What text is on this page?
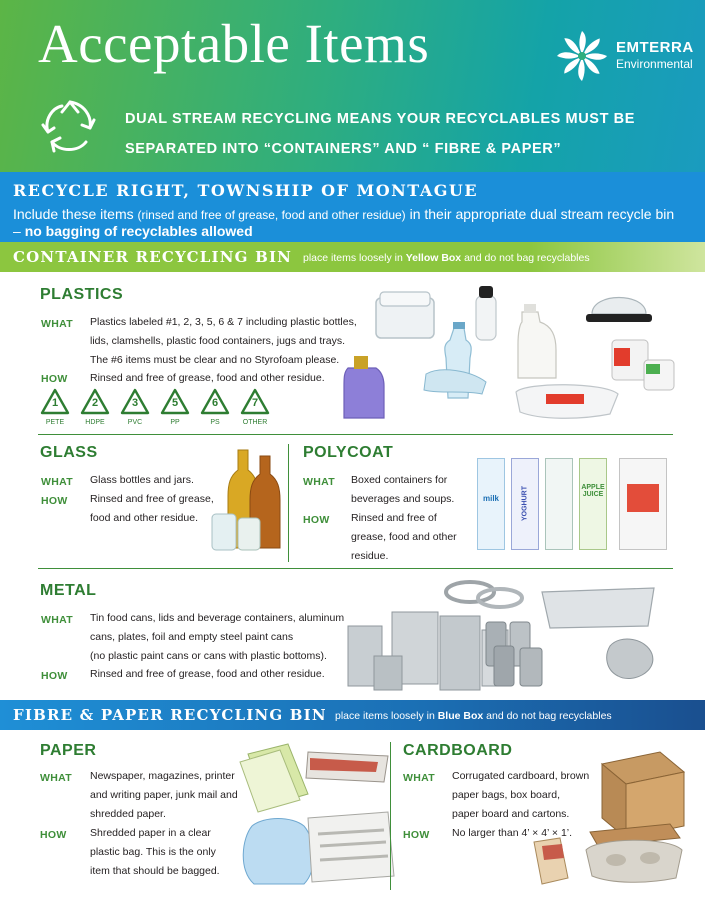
Acceptable Items	EMTERRA
Environmental
DUAL STREAM RECYCLING MEANS YOUR RECYCLABLES MUST BE
SEPARATED INTO “CONTAINERS” AND “ FIBRE & PAPER”
RECYCLE RIGHT, TOWNSHIP OF MONTAGUE
Include these items (rinsed and free of grease, food and other residue) in their appropriate dual stream recycle bin – no bagging of recyclables allowed
CONTAINER RECYCLING BIN place items loosely in Yellow Box and do not bag recyclables
PLASTICS
WHAT Plastics labeled #1, 2, 3, 5, 6 & 7 including plastic bottles,
lids, clamshells, plastic food containers, jugs and trays.
The #6 items must be clear and no Styrofoam please.
HOW Rinsed and free of grease, food and other residue.
1
PETE
2
HDPE
3
PVC
5
PP
6
PS
7
OTHER
GLASS
WHAT Glass bottles and jars.
HOW Rinsed and free of grease,
food and other residue.
POLYCOAT
WHAT Boxed containers for
beverages and soups.
HOW Rinsed and free of
grease, food and other
residue.
milk	YOGHURT	APPLE JUICE
METAL
WHAT Tin food cans, lids and beverage containers, aluminum
cans, plates, foil and empty steel paint cans
(no plastic paint cans or cans with plastic bottoms).
HOW Rinsed and free of grease, food and other residue.
FIBRE & PAPER RECYCLING BIN place items loosely in Blue Box and do not bag recyclables
PAPER
WHAT Newspaper, magazines, printer
and writing paper, junk mail and
shredded paper.
HOW Shredded paper in a clear
plastic bag. This is the only
item that should be bagged.
CARDBOARD
WHAT Corrugated cardboard, brown
paper bags, box board,
paper board and cartons.
HOW No larger than 4’ × 4’ × 1’.
